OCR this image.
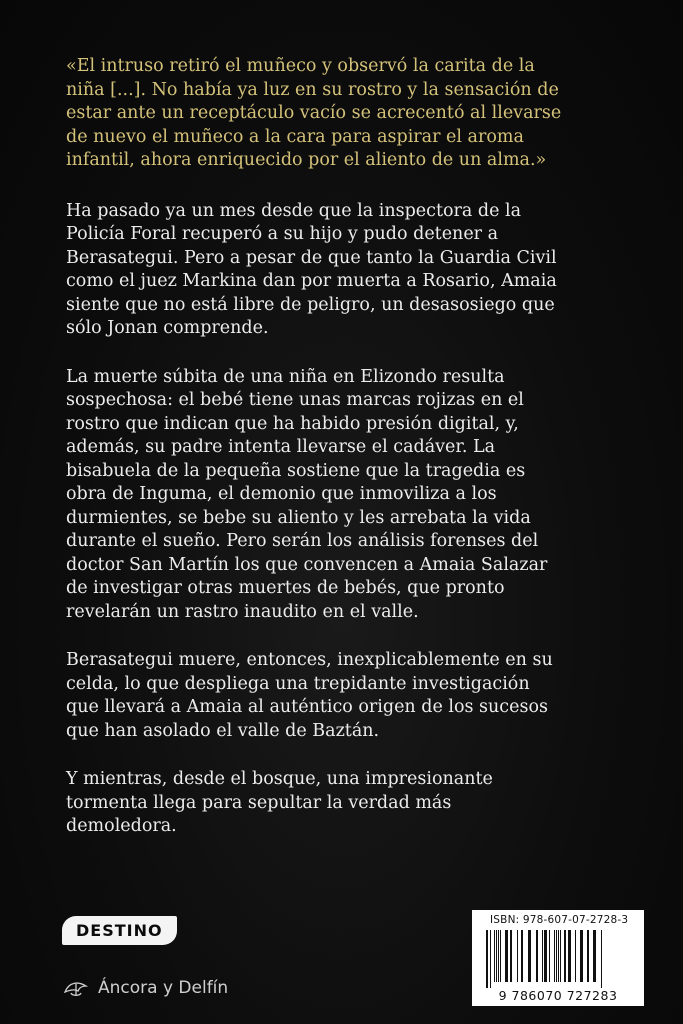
«El intruso retiró el muñeco y observó la carita de la niña [...]. No había ya luz en su rostro y la sensación de estar ante un receptáculo vacío se acrecentó al llevarse de nuevo el muñeco a la cara para aspirar el aroma infantil, ahora enriquecido por el aliento de un alma.»

Ha pasado ya un mes desde que la inspectora de la Policía Foral recuperó a su hijo y pudo detener a Berasategui. Pero a pesar de que tanto la Guardia Civil como el juez Markina dan por muerta a Rosario, Amaia siente que no está libre de peligro, un desasosiego que sólo Jonan comprende.

La muerte súbita de una niña en Elizondo resulta sospechosa: el bebé tiene unas marcas rojizas en el rostro que indican que ha habido presión digital, y, además, su padre intenta llevarse el cadáver. La bisabuela de la pequeña sostiene que la tragedia es obra de Inguma, el demonio que inmoviliza a los durmientes, se bebe su aliento y les arrebata la vida durante el sueño. Pero serán los análisis forenses del doctor San Martín los que convencen a Amaia Salazar de investigar otras muertes de bebés, que pronto revelarán un rastro inaudito en el valle.

Berasategui muere, entonces, inexplicablemente en su celda, lo que despliega una trepidante investigación que llevará a Amaia al auténtico origen de los sucesos que han asolado el valle de Baztán.

Y mientras, desde el bosque, una impresionante tormenta llega para sepultar la verdad más demoledora.

DESTINO
Áncora y Delfín
ISBN: 978-607-07-2728-3
9 786070 727283
